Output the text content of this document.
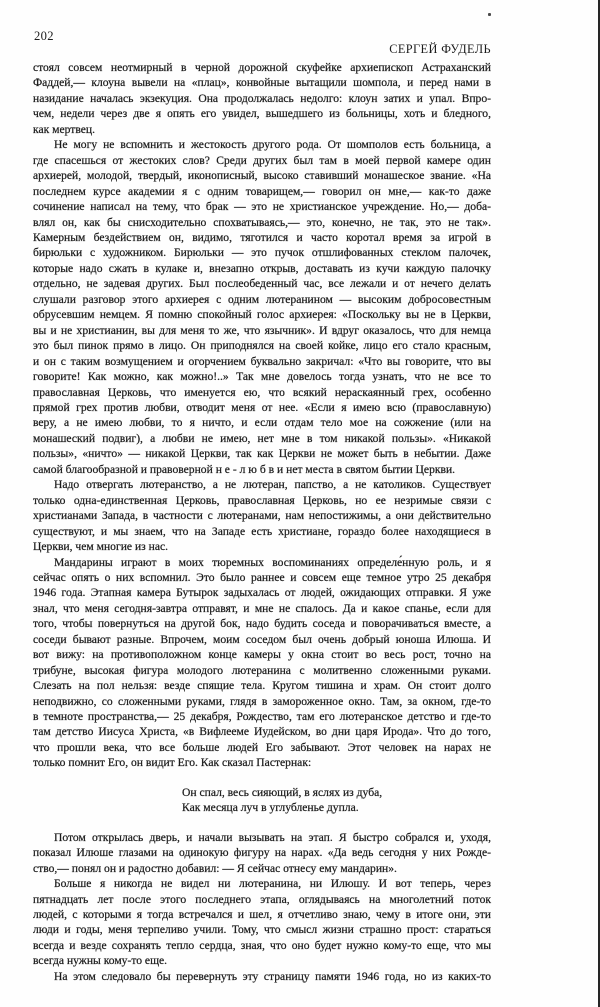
202
СЕРГЕЙ ФУДЕЛЬ
стоял совсем неотмирный в черной дорожной скуфейке архиепископ Астраханский
Фаддей,— клоуна вывели на «плац», конвойные вытащили шомпола, и перед нами в
назидание началась экзекуция. Она продолжалась недолго: клоун затих и упал. Впро-
чем, недели через две я опять его увидел, вышедшего из больницы, хоть и бледного,
как мертвец.
Не могу не вспомнить и жестокость другого рода. От шомполов есть больница, а
где спасешься от жестоких слов? Среди других был там в моей первой камере один
архиерей, молодой, твердый, иконописный, высоко ставивший монашеское звание. «На
последнем курсе академии я с одним товарищем,— говорил он мне,— как-то даже
сочинение написал на тему, что брак — это не христианское учреждение. Но,— доба-
влял он, как бы снисходительно спохватываясь,— это, конечно, не так, это не так».
Камерным бездействием он, видимо, тяготился и часто коротал время за игрой в
бирюльки с художником. Бирюльки — это пучок отшлифованных стеклом палочек,
которые надо сжать в кулаке и, внезапно открыв, доставать из кучи каждую палочку
отдельно, не задевая других. Был послеобеденный час, все лежали и от нечего делать
слушали разговор этого архиерея с одним лютеранином — высоким добросовестным
обрусевшим немцем. Я помню спокойный голос архиерея: «Поскольку вы не в Церкви,
вы и не христианин, вы для меня то же, что язычник». И вдруг оказалось, что для немца
это был пинок прямо в лицо. Он приподнялся на своей койке, лицо его стало красным,
и он с таким возмущением и огорчением буквально закричал: «Что вы говорите, что вы
говорите! Как можно, как можно!..» Так мне довелось тогда узнать, что не все то
православная Церковь, что именуется ею, что всякий нераскаянный грех, особенно
прямой грех против любви, отводит меня от нее. «Если я имею всю (православную)
веру, а не имею любви, то я ничто, и если отдам тело мое на сожжение (или на
монашеский подвиг), а любви не имею, нет мне в том никакой пользы». «Никакой
пользы», «ничто» — никакой Церкви, так как Церкви не может быть в небытии. Даже
самой благообразной и правоверной н е - л ю б в и нет места в святом бытии Церкви.
Надо отвергать лютеранство, а не лютеран, папство, а не католиков. Существует
только одна-единственная Церковь, православная Церковь, но ее незримые связи с
христианами Запада, в частности с лютеранами, нам непостижимы, а они действительно
существуют, и мы знаем, что на Западе есть христиане, гораздо более находящиеся в
Церкви, чем многие из нас.
Мандарины играют в моих тюремных воспоминаниях определе́нную роль, и я
сейчас опять о них вспомнил. Это было раннее и совсем еще темное утро 25 декабря
1946 года. Этапная камера Бутырок задыхалась от людей, ожидающих отправки. Я уже
знал, что меня сегодня-завтра отправят, и мне не спалось. Да и какое спанье, если для
того, чтобы повернуться на другой бок, надо будить соседа и поворачиваться вместе, а
соседи бывают разные. Впрочем, моим соседом был очень добрый юноша Илюша. И
вот вижу: на противоположном конце камеры у окна стоит во весь рост, точно на
трибуне, высокая фигура молодого лютеранина с молитвенно сложенными руками.
Слезать на пол нельзя: везде спящие тела. Кругом тишина и храм. Он стоит долго
неподвижно, со сложенными руками, глядя в замороженное окно. Там, за окном, где-то
в темноте пространства,— 25 декабря, Рождество, там его лютеранское детство и где-то
там детство Иисуса Христа, «в Вифлееме Иудейском, во дни царя Ирода». Что до того,
что прошли века, что все больше людей Его забывают. Этот человек на нарах не
только помнит Его, он видит Его. Как сказал Пастернак:
Он спал, весь сияющий, в яслях из дуба,
Как месяца луч в углубленье дупла.
Потом открылась дверь, и начали вызывать на этап. Я быстро собрался и, уходя,
показал Илюше глазами на одинокую фигуру на нарах. «Да ведь сегодня у них Рожде-
ство,— понял он и радостно добавил: — Я сейчас отнесу ему мандарин».
Больше я никогда не видел ни лютеранина, ни Илюшу. И вот теперь, через
пятнадцать лет после этого последнего этапа, оглядываясь на многолетний поток
людей, с которыми я тогда встречался и шел, я отчетливо знаю, чему в итоге они, эти
люди и годы, меня терпеливо учили. Тому, что смысл жизни страшно прост: стараться
всегда и везде сохранять тепло сердца, зная, что оно будет нужно кому-то еще, что мы
всегда нужны кому-то еще.
На этом следовало бы перевернуть эту страницу памяти 1946 года, но из каких-то
